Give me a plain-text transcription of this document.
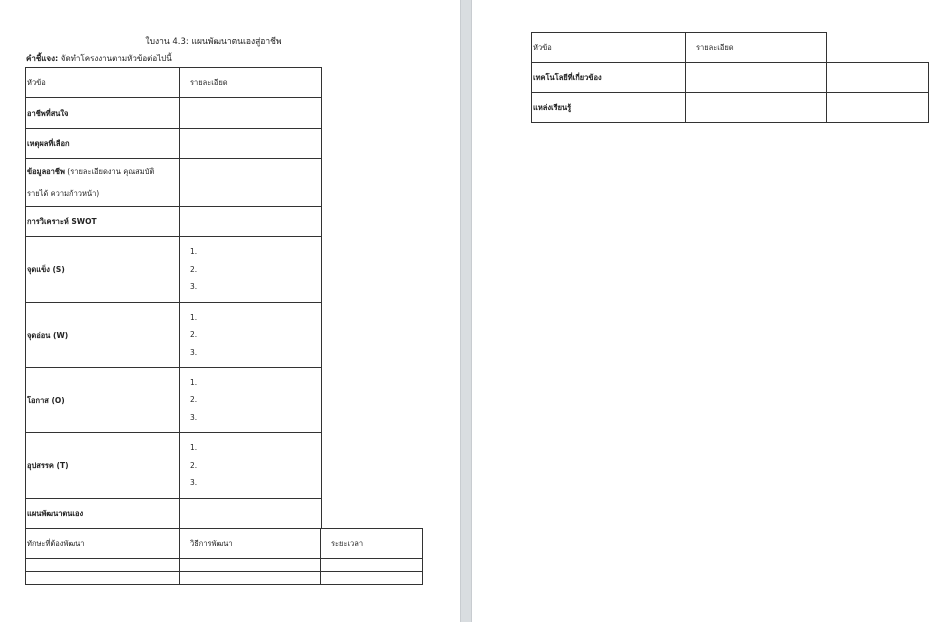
ใบงาน 4.3: แผนพัฒนาตนเองสู่อาชีพ
คำชี้แจง: จัดทำโครงงานตามหัวข้อต่อไปนี้
หัวข้อ	รายละเอียด
อาชีพที่สนใจ	
เหตุผลที่เลือก	
ข้อมูลอาชีพ (รายละเอียดงาน คุณสมบัติ
รายได้ ความก้าวหน้า)	
การวิเคราะห์ SWOT	
จุดแข็ง (S)	1.
2.
3.

จุดอ่อน (W)	1.
2.
3.

โอกาส (O)	1.
2.
3.

อุปสรรค (T)	1.
2.
3.

แผนพัฒนาตนเอง	
ทักษะที่ต้องพัฒนา	วิธีการพัฒนา	ระยะเวลา

หัวข้อ	รายละเอียด	
เทคโนโลยีที่เกี่ยวข้อง		
แหล่งเรียนรู้		
